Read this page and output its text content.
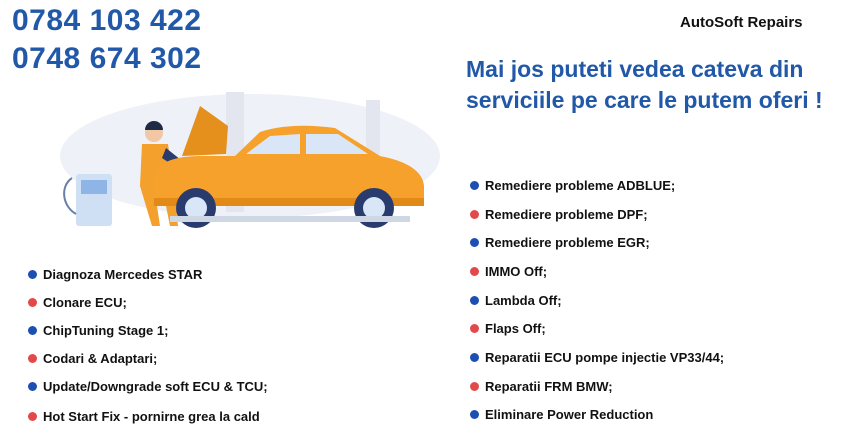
0784 103 422
0748 674 302
AutoSoft Repairs
Mai jos puteti vedea cateva din
serviciile pe care le putem oferi !
Diagnoza Mercedes STAR
Clonare ECU;
ChipTuning Stage 1;
Codari & Adaptari;
Update/Downgrade soft ECU & TCU;
Hot Start Fix - pornirne grea la cald
Remediere probleme ADBLUE;
Remediere probleme DPF;
Remediere probleme EGR;
IMMO Off;
Lambda Off;
Flaps Off;
Reparatii ECU pompe injectie VP33/44;
Reparatii FRM BMW;
Eliminare Power Reduction
